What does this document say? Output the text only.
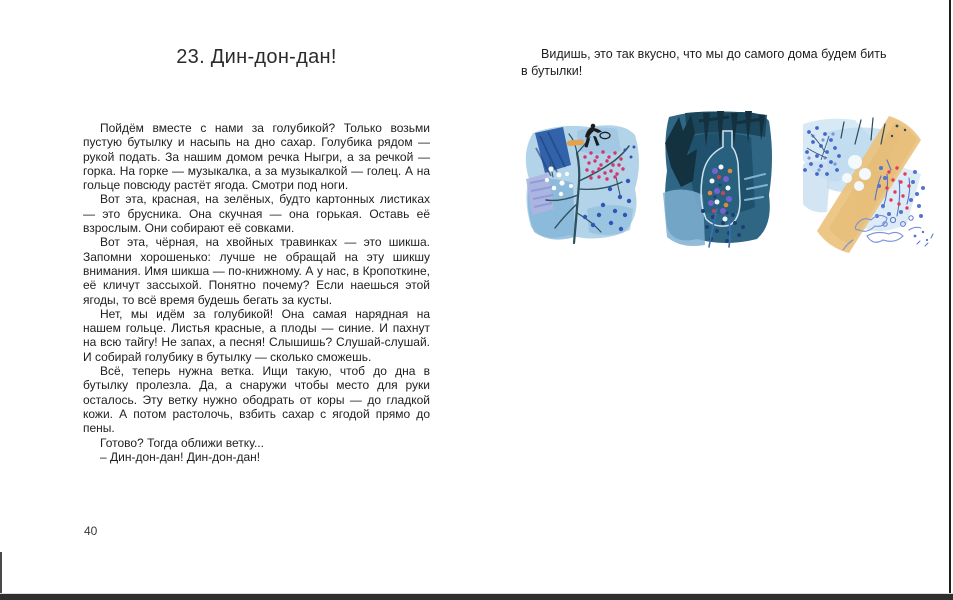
23. Дин-дон-дан!

Пойдём вместе с нами за голубикой? Только возьми пустую бутылку и насыпь на дно сахар. Голубика рядом — рукой подать. За нашим домом речка Ныгри, а за речкой — горка. На горке — музыкалка, а за музыкалкой — голец. А на гольце повсюду растёт ягода. Смотри под ноги.

Вот эта, красная, на зелёных, будто картонных листиках — это брусника. Она скучная — она горькая. Оставь её взрослым. Они собирают её совками.

Вот эта, чёрная, на хвойных травинках — это шикша. Запомни хорошенько: лучше не обращай на эту шикшу внимания. Имя шикша — по-книжному. А у нас, в Кропоткине, её кличут зассыхой. Понятно почему? Если наешься этой ягоды, то всё время будешь бегать за кусты.

Нет, мы идём за голубикой! Она самая нарядная на нашем гольце. Листья красные, а плоды — синие. И пахнут на всю тайгу! Не запах, а песня! Слышишь? Слушай-слушай. И собирай голубику в бутылку — сколько сможешь.

Всё, теперь нужна ветка. Ищи такую, чтоб до дна в бутылку пролезла. Да, а снаружи чтобы место для руки осталось. Эту ветку нужно ободрать от коры — до гладкой кожи. А потом растолочь, взбить сахар с ягодой прямо до пены.

Готово? Тогда оближи ветку...

– Дин-дон-дан! Дин-дон-дан!

40

Видишь, это так вкусно, что мы до самого дома будем бить в бутылки!
